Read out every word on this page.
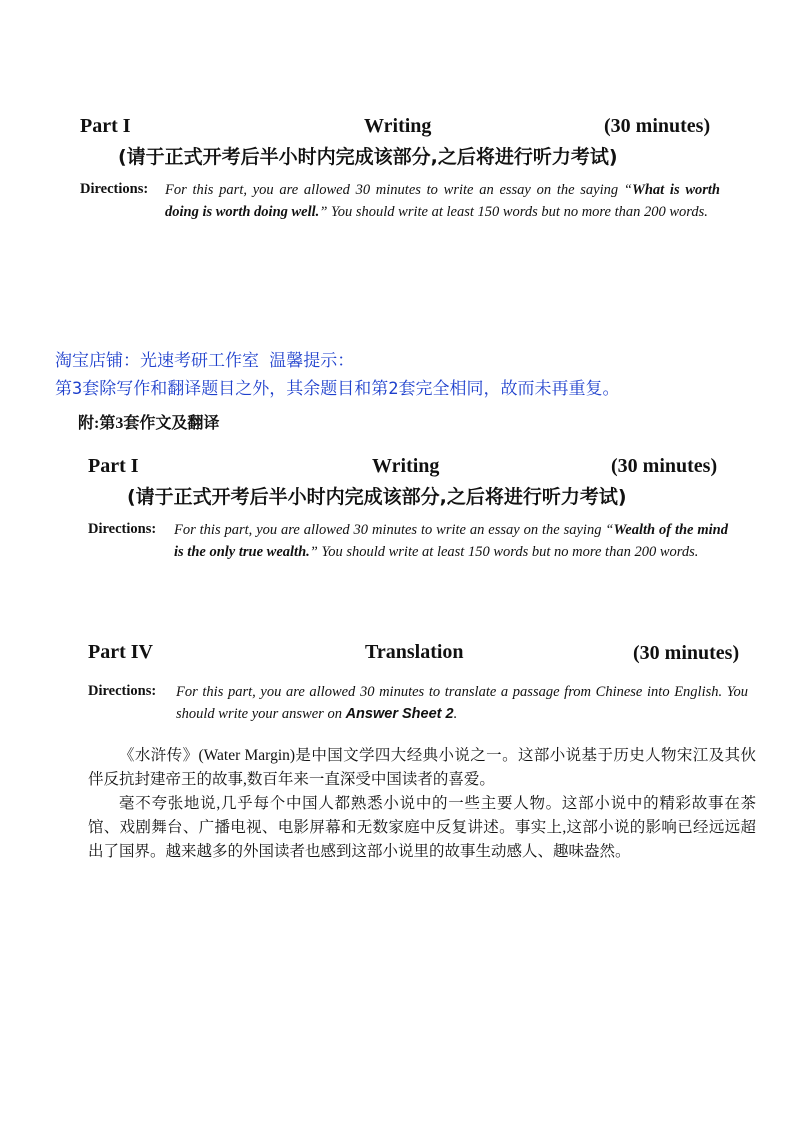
Part I	Writing	(30 minutes)
(请于正式开考后半小时内完成该部分,之后将进行听力考试)
Directions: For this part, you are allowed 30 minutes to write an essay on the saying “What is worth doing is worth doing well.” You should write at least 150 words but no more than 200 words.
淘宝店铺：光速考研工作室 温馨提示：
第3套除写作和翻译题目之外，其余题目和第2套完全相同，故而未再重复。
附:第3套作文及翻译
Part I	Writing	(30 minutes)
(请于正式开考后半小时内完成该部分,之后将进行听力考试)
Directions: For this part, you are allowed 30 minutes to write an essay on the saying “Wealth of the mind is the only true wealth.” You should write at least 150 words but no more than 200 words.
Part IV	Translation	(30 minutes)
Directions: For this part, you are allowed 30 minutes to translate a passage from Chinese into English. You should write your answer on Answer Sheet 2.

《水浒传》(Water Margin)是中国文学四大经典小说之一。这部小说基于历史人物宋江及其伙伴反抗封建帝王的故事,数百年来一直深受中国读者的喜爱。

毫不夸张地说,几乎每个中国人都熟悉小说中的一些主要人物。这部小说中的精彩故事在茶馆、戏剧舞台、广播电视、电影屏幕和无数家庭中反复讲述。事实上,这部小说的影响已经远远超出了国界。越来越多的外国读者也感到这部小说里的故事生动感人、趣味盎然。
